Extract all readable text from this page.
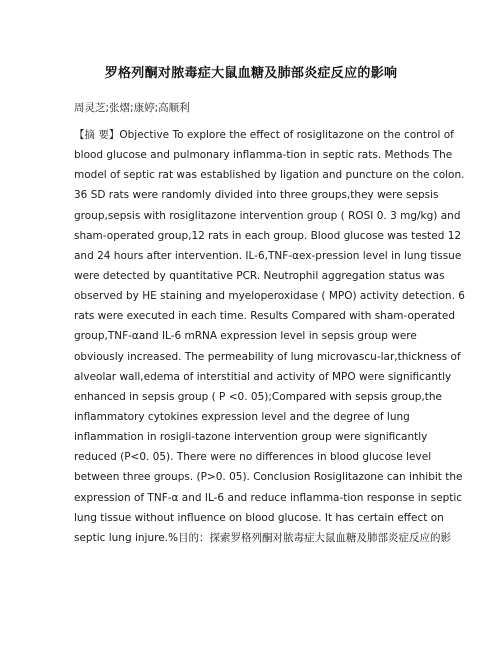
罗格列酮对脓毒症大鼠血糖及肺部炎症反应的影响
周灵芝;张熠;康婷;高顺利
【摘 要】Objective To explore the effect of rosiglitazone on the control of
blood glucose and pulmonary inflamma-tion in septic rats. Methods The
model of septic rat was established by ligation and puncture on the colon.
36 SD rats were randomly divided into three groups,they were sepsis
group,sepsis with rosiglitazone intervention group ( ROSI 0. 3 mg/kg) and
sham-operated group,12 rats in each group. Blood glucose was tested 12
and 24 hours after intervention. IL-6,TNF-αex-pression level in lung tissue
were detected by quantitative PCR. Neutrophil aggregation status was
observed by HE staining and myeloperoxidase ( MPO) activity detection. 6
rats were executed in each time. Results Compared with sham-operated
group,TNF-αand IL-6 mRNA expression level in sepsis group were
obviously increased. The permeability of lung microvascu-lar,thickness of
alveolar wall,edema of interstitial and activity of MPO were significantly
enhanced in sepsis group ( P <0. 05);Compared with sepsis group,the
inflammatory cytokines expression level and the degree of lung
inflammation in rosigli-tazone intervention group were significantly
reduced (P<0. 05). There were no differences in blood glucose level
between three groups. (P>0. 05). Conclusion Rosiglitazone can inhibit the
expression of TNF-α and IL-6 and reduce inflamma-tion response in septic
lung tissue without influence on blood glucose. It has certain effect on
septic lung injure.%目的：探索罗格列酮对脓毒症大鼠血糖及肺部炎症反应的影
